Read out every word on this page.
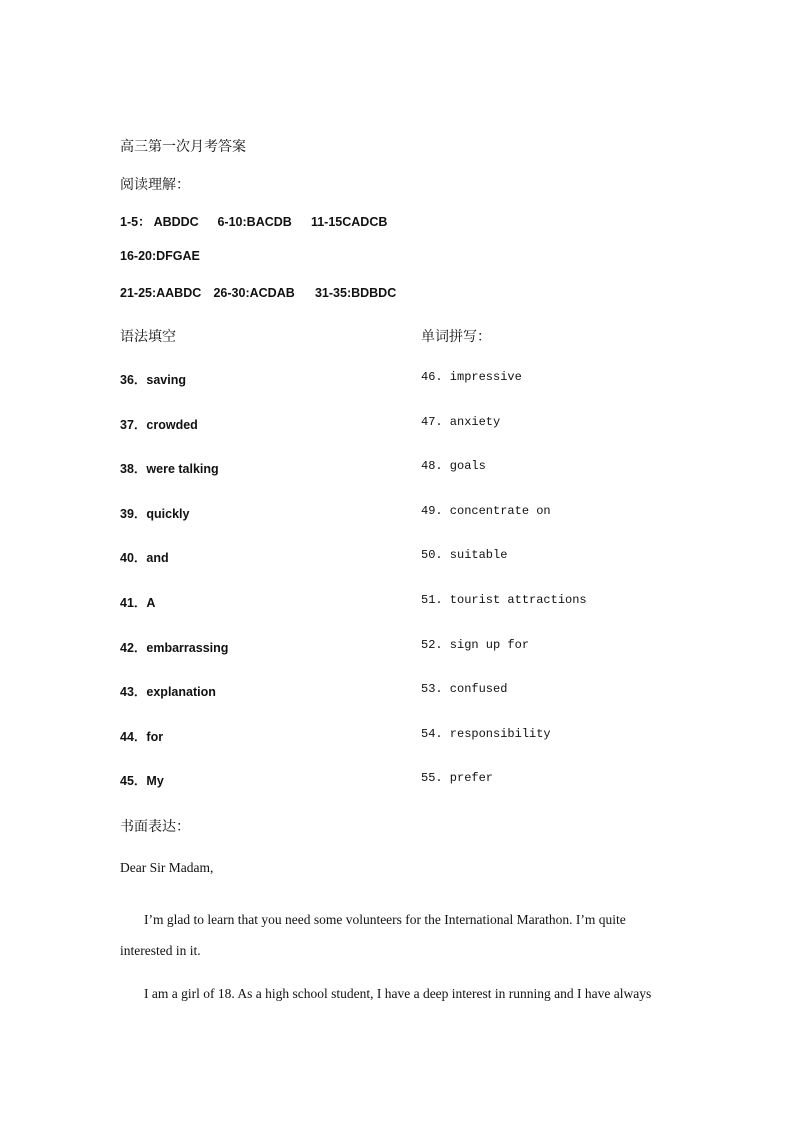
高三第一次月考答案
阅读理解：
1-5： ABDDC 6-10:BACDB 11-15CADCB
16-20:DFGAE
21-25:AABDC 26-30:ACDAB 31-35:BDBDC
语法填空	单词拼写：
36．saving
37．crowded
38．were talking
39．quickly
40．and
41．A
42．embarrassing
43．explanation
44．for
45．My
46. impressive
47. anxiety
48. goals
49. concentrate on
50. suitable
51. tourist attractions
52. sign up for
53. confused
54. responsibility
55. prefer
书面表达：
Dear Sir Madam,

I’m glad to learn that you need some volunteers for the International Marathon. I’m quite interested in it.

I am a girl of 18. As a high school student, I have a deep interest in running and I have always
